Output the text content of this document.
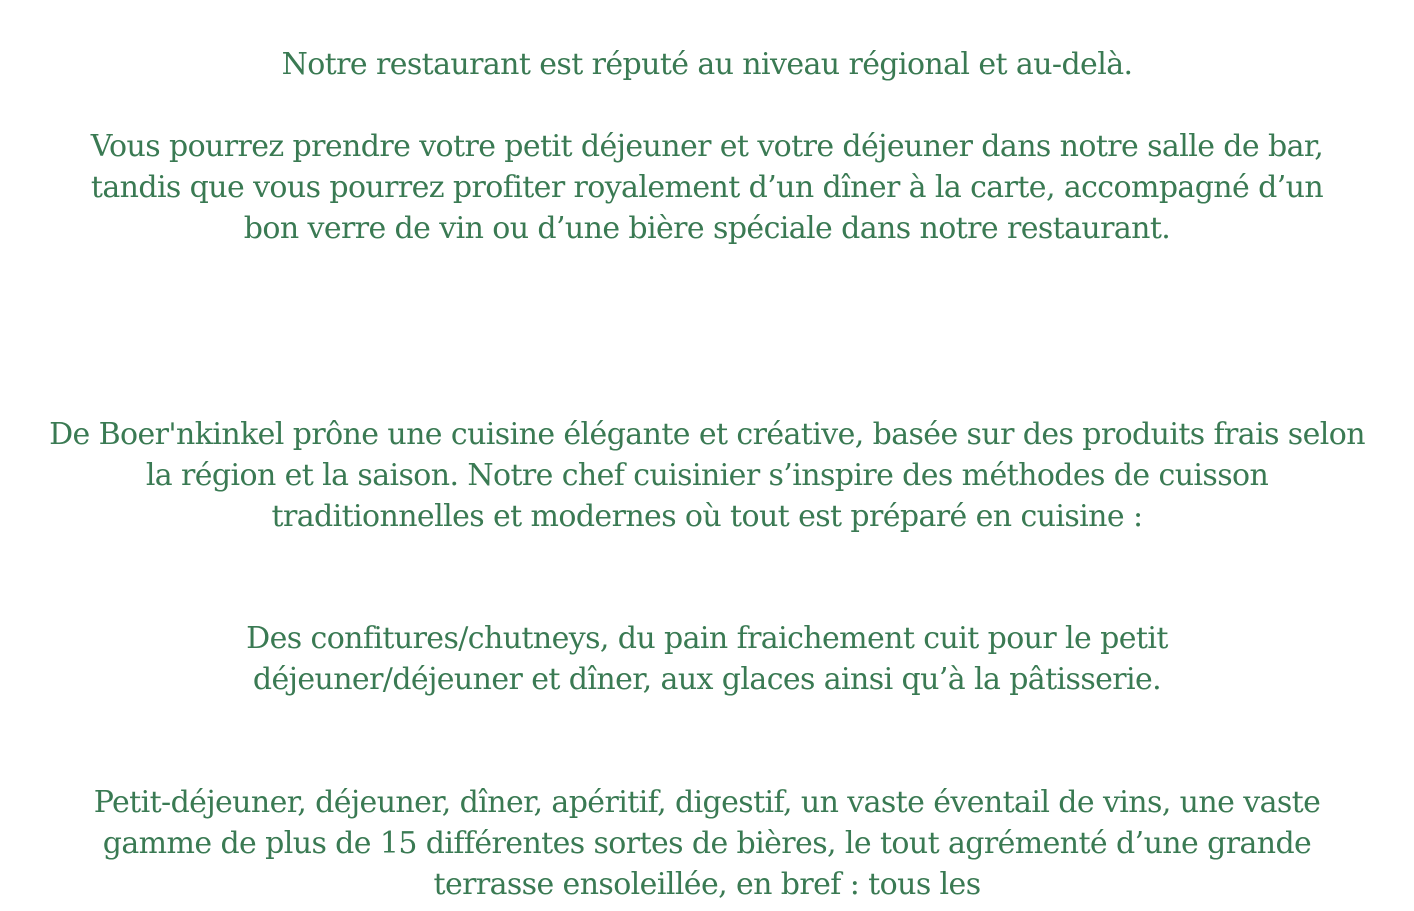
Notre restaurant est réputé au niveau régional et au-delà.

Vous pourrez prendre votre petit déjeuner et votre déjeuner dans notre salle de bar, tandis que vous pourrez profiter royalement d’un dîner à la carte, accompagné d’un bon verre de vin ou d’une bière spéciale dans notre restaurant.

De Boer'nkinkel prône une cuisine élégante et créative, basée sur des produits frais selon la région et la saison. Notre chef cuisinier s’inspire des méthodes de cuisson traditionnelles et modernes où tout est préparé en cuisine :

Des confitures/chutneys, du pain fraichement cuit pour le petit déjeuner/déjeuner et dîner, aux glaces ainsi qu’à la pâtisserie.

Petit-déjeuner, déjeuner, dîner, apéritif, digestif, un vaste éventail de vins, une vaste gamme de plus de 15 différentes sortes de bières, le tout agrémenté d’une grande terrasse ensoleillée, en bref : tous les
